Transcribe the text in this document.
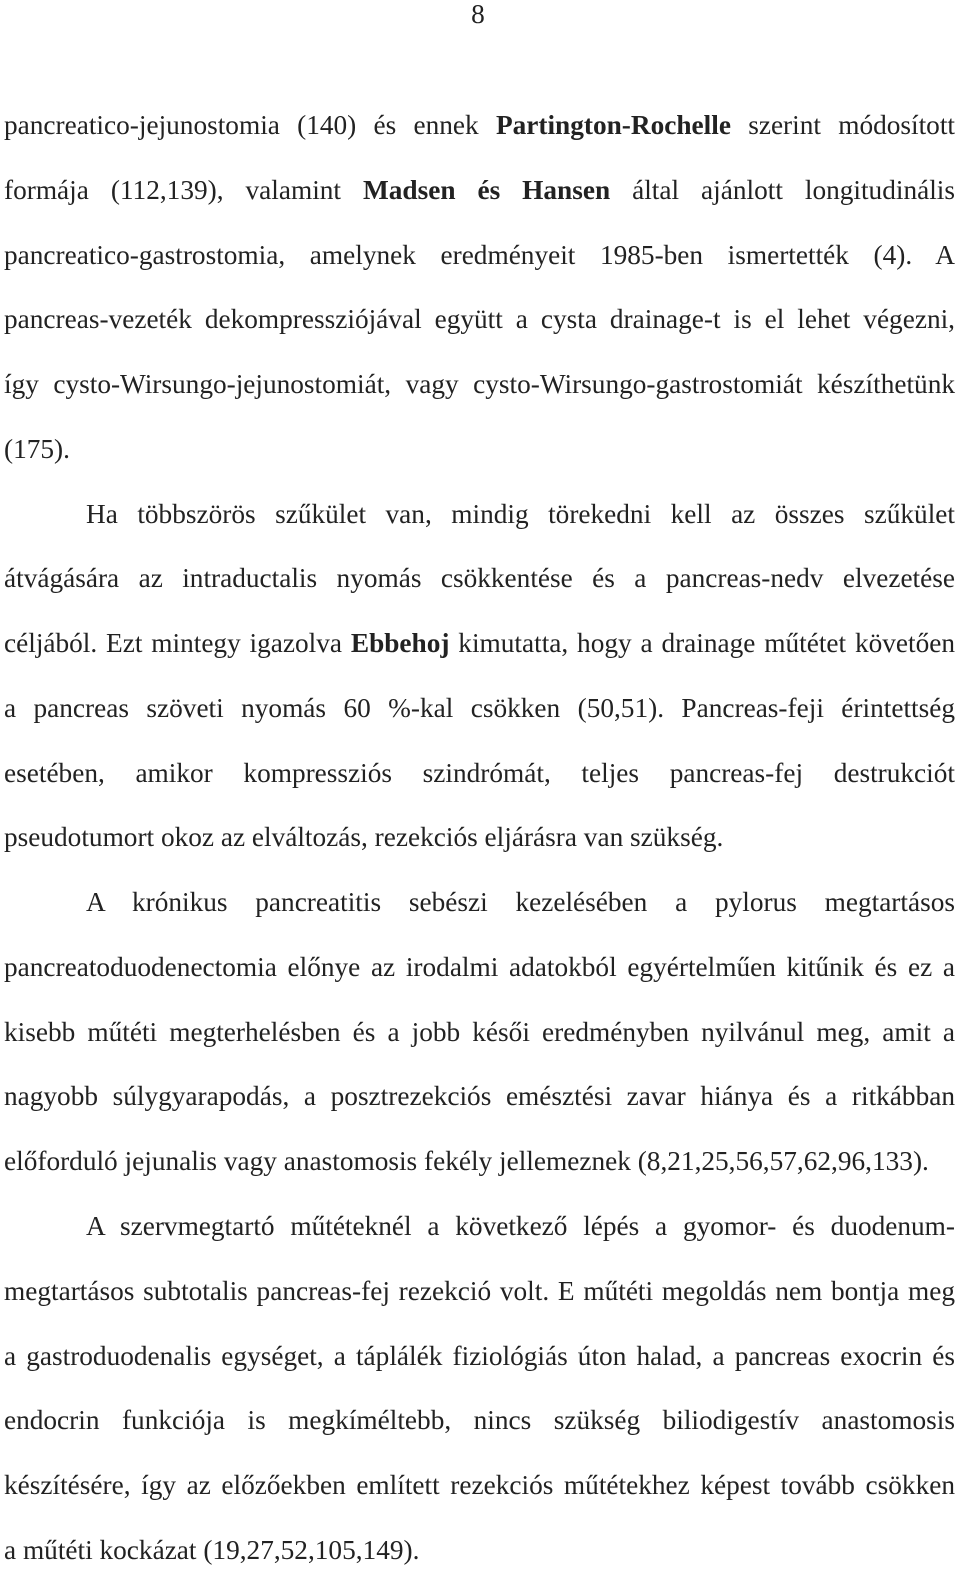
8
pancreatico-jejunostomia (140) és ennek Partington-Rochelle szerint módosított
formája (112,139), valamint Madsen és Hansen által ajánlott longitudinális
pancreatico-gastrostomia, amelynek eredményeit 1985-ben ismertették (4). A
pancreas-vezeték dekompressziójával együtt a cysta drainage-t is el lehet végezni,
így cysto-Wirsungo-jejunostomiát, vagy cysto-Wirsungo-gastrostomiát készíthetünk
(175).
Ha többszörös szűkület van, mindig törekedni kell az összes szűkület
átvágására az intraductalis nyomás csökkentése és a pancreas-nedv elvezetése
céljából. Ezt mintegy igazolva Ebbehoj kimutatta, hogy a drainage műtétet követően
a pancreas szöveti nyomás 60 %-kal csökken (50,51). Pancreas-feji érintettség
esetében, amikor kompressziós szindrómát, teljes pancreas-fej destrukciót
pseudotumort okoz az elváltozás, rezekciós eljárásra van szükség.
A krónikus pancreatitis sebészi kezelésében a pylorus megtartásos
pancreatoduodenectomia előnye az irodalmi adatokból egyértelműen kitűnik és ez a
kisebb műtéti megterhelésben és a jobb késői eredményben nyilvánul meg, amit a
nagyobb súlygyarapodás, a posztrezekciós emésztési zavar hiánya és a ritkábban
előforduló jejunalis vagy anastomosis fekély jellemeznek (8,21,25,56,57,62,96,133).
A szervmegtartó műtéteknél a következő lépés a gyomor- és duodenum-
megtartásos subtotalis pancreas-fej rezekció volt. E műtéti megoldás nem bontja meg
a gastroduodenalis egységet, a táplálék fiziológiás úton halad, a pancreas exocrin és
endocrin funkciója is megkíméltebb, nincs szükség biliodigestív anastomosis
készítésére, így az előzőekben említett rezekciós műtétekhez képest tovább csökken
a műtéti kockázat (19,27,52,105,149).
